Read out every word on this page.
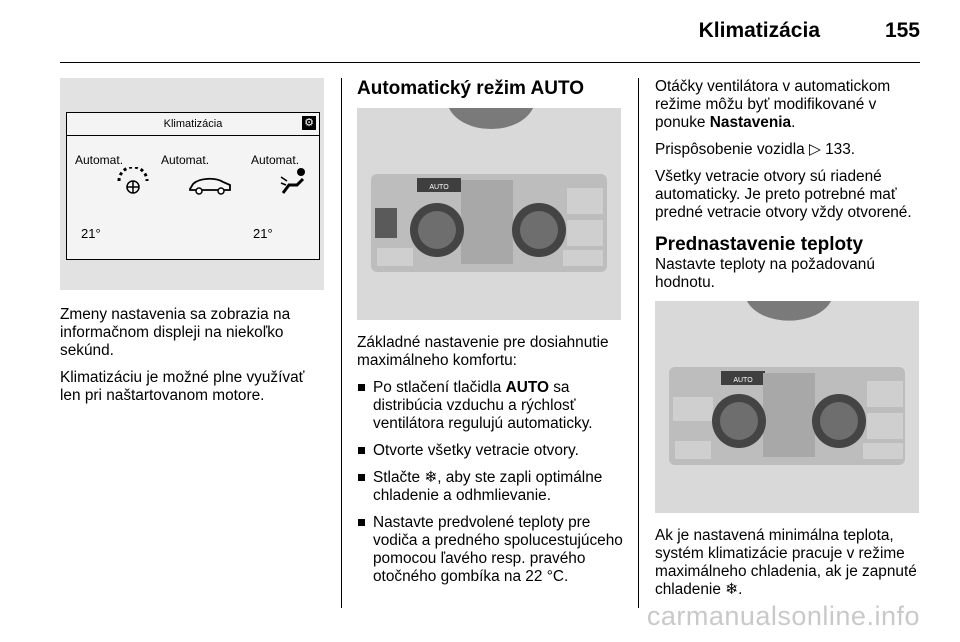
Klimatizácia	155
Klimatizácia	⚙
Automat.	Automat.	Automat.
21°	21°

Zmeny nastavenia sa zobrazia na informačnom displeji na niekoľko sekúnd.

Klimatizáciu je možné plne využívať len pri naštartovanom motore.

Automatický režim AUTO
AUTO

Základné nastavenie pre dosiahnutie maximálneho komfortu:

Po stlačení tlačidla AUTO sa distribúcia vzduchu a rýchlosť ventilátora regulujú automaticky.
Otvorte všetky vetracie otvory.
Stlačte ❄, aby ste zapli optimálne chladenie a odhmlievanie.
Nastavte predvolené teploty pre vodiča a predného spolucestujúceho pomocou ľavého resp. pravého otočného gombíka na 22 °C.

Otáčky ventilátora v automatickom režime môžu byť modifikované v ponuke Nastavenia.

Prispôsobenie vozidla ▷ 133.

Všetky vetracie otvory sú riadené automaticky. Je preto potrebné mať predné vetracie otvory vždy otvorené.

Prednastavenie teploty

Nastavte teploty na požadovanú hodnotu.

AUTO

Ak je nastavená minimálna teplota, systém klimatizácie pracuje v režime maximálneho chladenia, ak je zapnuté chladenie ❄.

carmanualsonline.info
